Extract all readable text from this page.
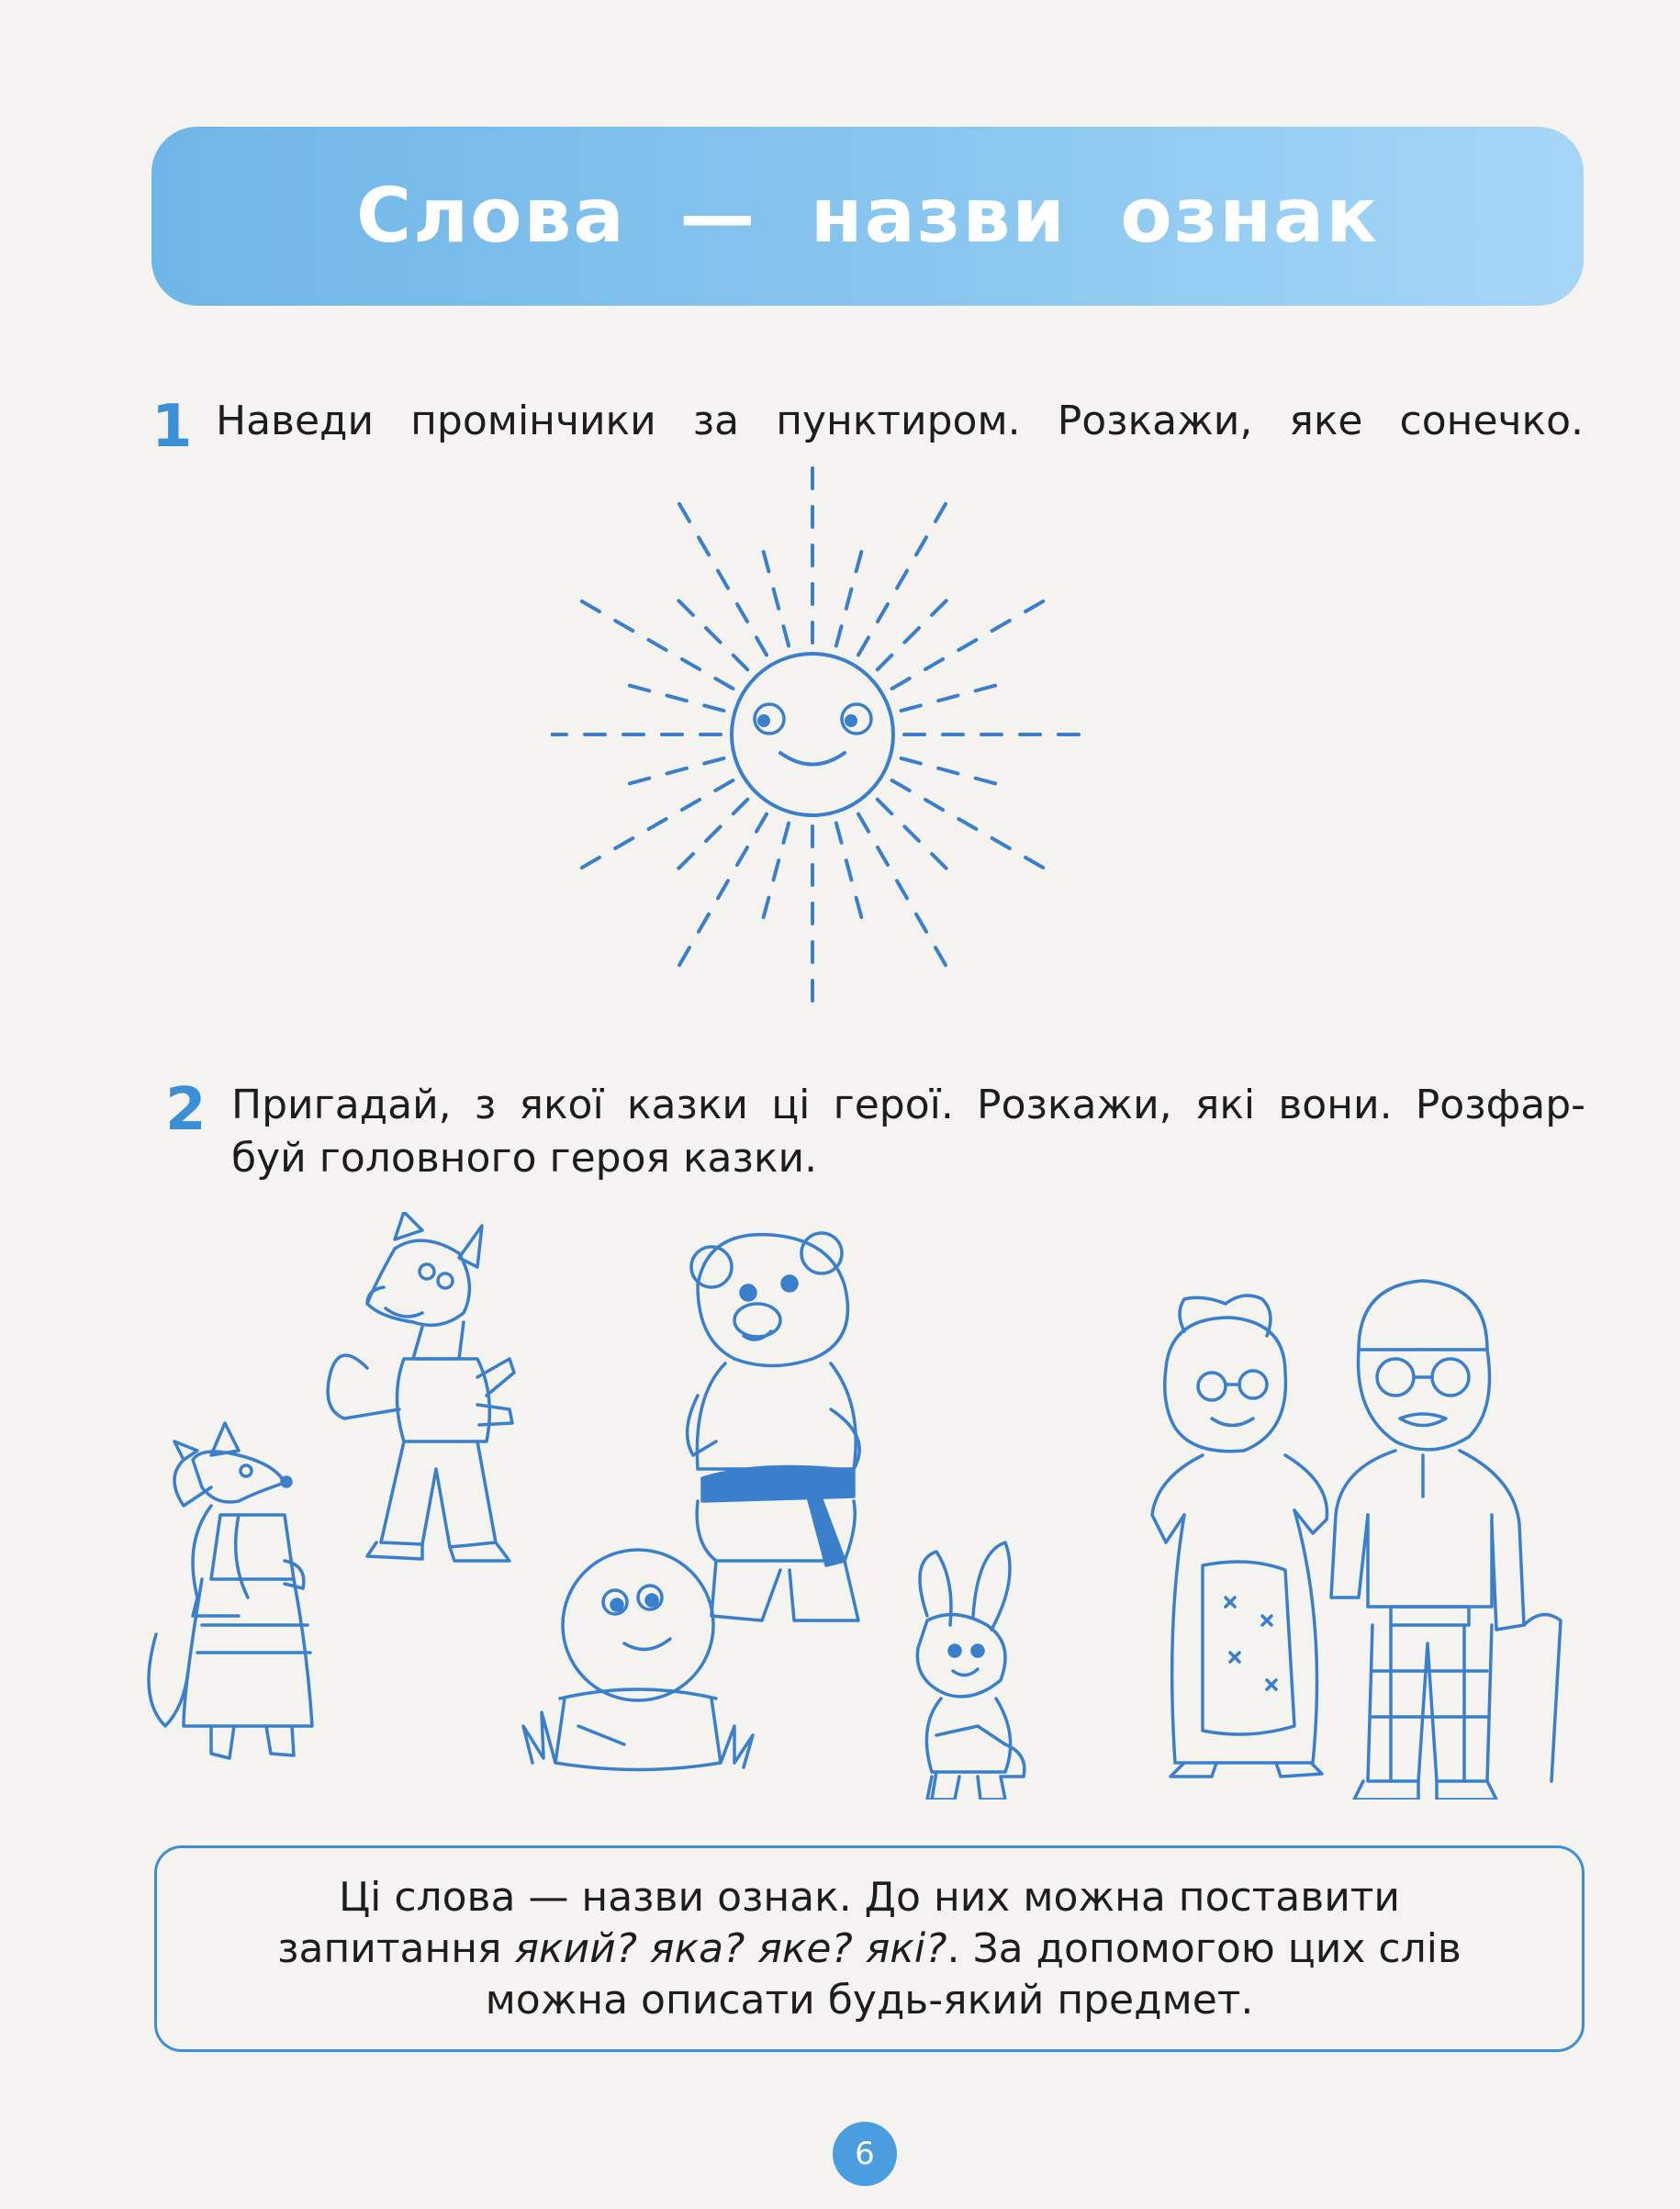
Слова — назви ознак
1 Наведи промінчики за пунктиром. Розкажи, яке сонечко.
2 Пригадай, з якої казки ці герої. Розкажи, які вони. Розфар-
буй головного героя казки.
Ці слова — назви ознак. До них можна поставити
запитання який? яка? яке? які?. За допомогою цих слів
можна описати будь-який предмет.
6
